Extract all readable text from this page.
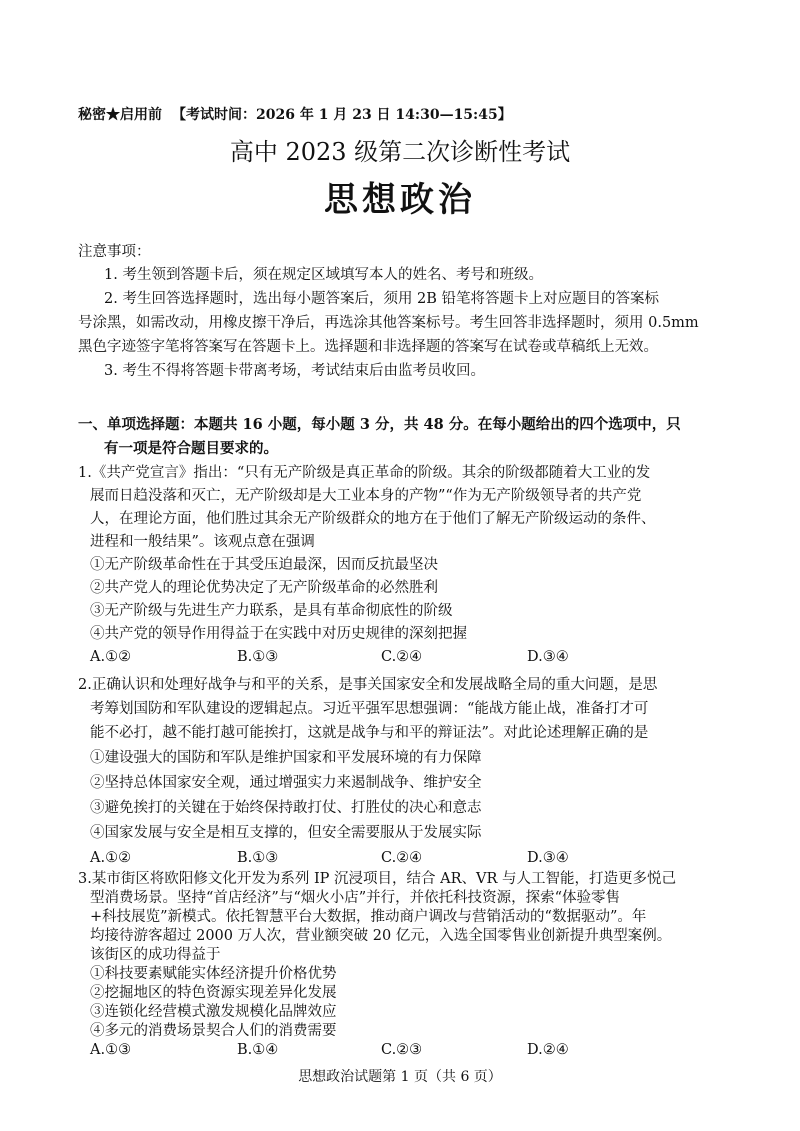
秘密★启用前 【考试时间：2026 年 1 月 23 日 14:30—15:45】
高中 2023 级第二次诊断性考试
思想政治
注意事项：
1. 考生领到答题卡后，须在规定区域填写本人的姓名、考号和班级。
2. 考生回答选择题时，选出每小题答案后，须用 2B 铅笔将答题卡上对应题目的答案标
号涂黑，如需改动，用橡皮擦干净后，再选涂其他答案标号。考生回答非选择题时，须用 0.5mm
黑色字迹签字笔将答案写在答题卡上。选择题和非选择题的答案写在试卷或草稿纸上无效。
3. 考生不得将答题卡带离考场，考试结束后由监考员收回。
一、单项选择题：本题共 16 小题，每小题 3 分，共 48 分。在每小题给出的四个选项中，只
有一项是符合题目要求的。
1.《共产党宣言》指出：“只有无产阶级是真正革命的阶级。其余的阶级都随着大工业的发
展而日趋没落和灭亡，无产阶级却是大工业本身的产物”“作为无产阶级领导者的共产党
人，在理论方面，他们胜过其余无产阶级群众的地方在于他们了解无产阶级运动的条件、
进程和一般结果”。该观点意在强调
①无产阶级革命性在于其受压迫最深，因而反抗最坚决
②共产党人的理论优势决定了无产阶级革命的必然胜利
③无产阶级与先进生产力联系，是具有革命彻底性的阶级
④共产党的领导作用得益于在实践中对历史规律的深刻把握
A.①②	B.①③	C.②④	D.③④
2.正确认识和处理好战争与和平的关系，是事关国家安全和发展战略全局的重大问题，是思
考筹划国防和军队建设的逻辑起点。习近平强军思想强调：“能战方能止战，准备打才可
能不必打，越不能打越可能挨打，这就是战争与和平的辩证法”。对此论述理解正确的是
①建设强大的国防和军队是维护国家和平发展环境的有力保障
②坚持总体国家安全观，通过增强实力来遏制战争、维护安全
③避免挨打的关键在于始终保持敢打仗、打胜仗的决心和意志
④国家发展与安全是相互支撑的，但安全需要服从于发展实际
A.①②	B.①③	C.②④	D.③④
3.某市街区将欧阳修文化开发为系列 IP 沉浸项目，结合 AR、VR 与人工智能，打造更多悦己
型消费场景。坚持“首店经济”与“烟火小店”并行，并依托科技资源，探索“体验零售
+科技展览”新模式。依托智慧平台大数据，推动商户调改与营销活动的“数据驱动”。年
均接待游客超过 2000 万人次，营业额突破 20 亿元，入选全国零售业创新提升典型案例。
该街区的成功得益于
①科技要素赋能实体经济提升价格优势
②挖掘地区的特色资源实现差异化发展
③连锁化经营模式激发规模化品牌效应
思想政治试题第 1 页（共 6 页）
④多元的消费场景契合人们的消费需要
A.①③	B.①④	C.②③	D.②④
